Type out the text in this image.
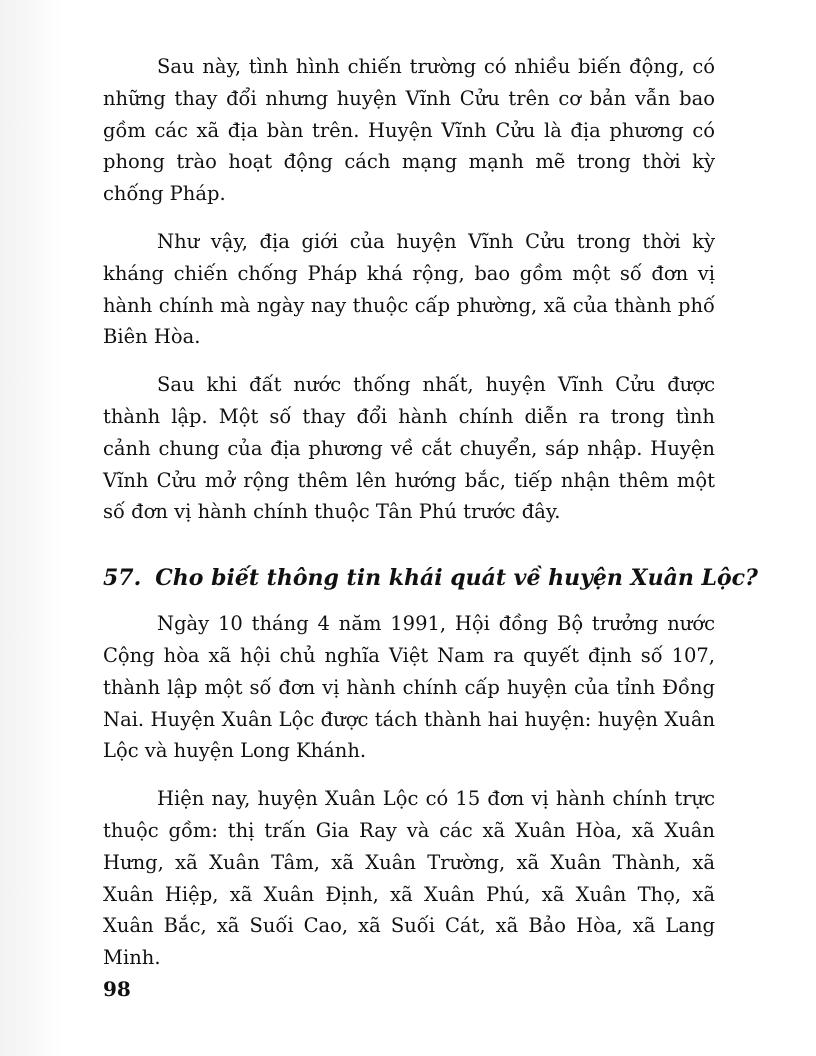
Sau này, tình hình chiến trường có nhiều biến động, có những thay đổi nhưng huyện Vĩnh Cửu trên cơ bản vẫn bao gồm các xã địa bàn trên. Huyện Vĩnh Cửu là địa phương có phong trào hoạt động cách mạng mạnh mẽ trong thời kỳ chống Pháp.

Như vậy, địa giới của huyện Vĩnh Cửu trong thời kỳ kháng chiến chống Pháp khá rộng, bao gồm một số đơn vị hành chính mà ngày nay thuộc cấp phường, xã của thành phố Biên Hòa.

Sau khi đất nước thống nhất, huyện Vĩnh Cửu được thành lập. Một số thay đổi hành chính diễn ra trong tình cảnh chung của địa phương về cắt chuyển, sáp nhập. Huyện Vĩnh Cửu mở rộng thêm lên hướng bắc, tiếp nhận thêm một số đơn vị hành chính thuộc Tân Phú trước đây.

57. Cho biết thông tin khái quát về huyện Xuân Lộc?

Ngày 10 tháng 4 năm 1991, Hội đồng Bộ trưởng nước Cộng hòa xã hội chủ nghĩa Việt Nam ra quyết định số 107, thành lập một số đơn vị hành chính cấp huyện của tỉnh Đồng Nai. Huyện Xuân Lộc được tách thành hai huyện: huyện Xuân Lộc và huyện Long Khánh.

Hiện nay, huyện Xuân Lộc có 15 đơn vị hành chính trực thuộc gồm: thị trấn Gia Ray và các xã Xuân Hòa, xã Xuân Hưng, xã Xuân Tâm, xã Xuân Trường, xã Xuân Thành, xã Xuân Hiệp, xã Xuân Định, xã Xuân Phú, xã Xuân Thọ, xã Xuân Bắc, xã Suối Cao, xã Suối Cát, xã Bảo Hòa, xã Lang Minh.

98
